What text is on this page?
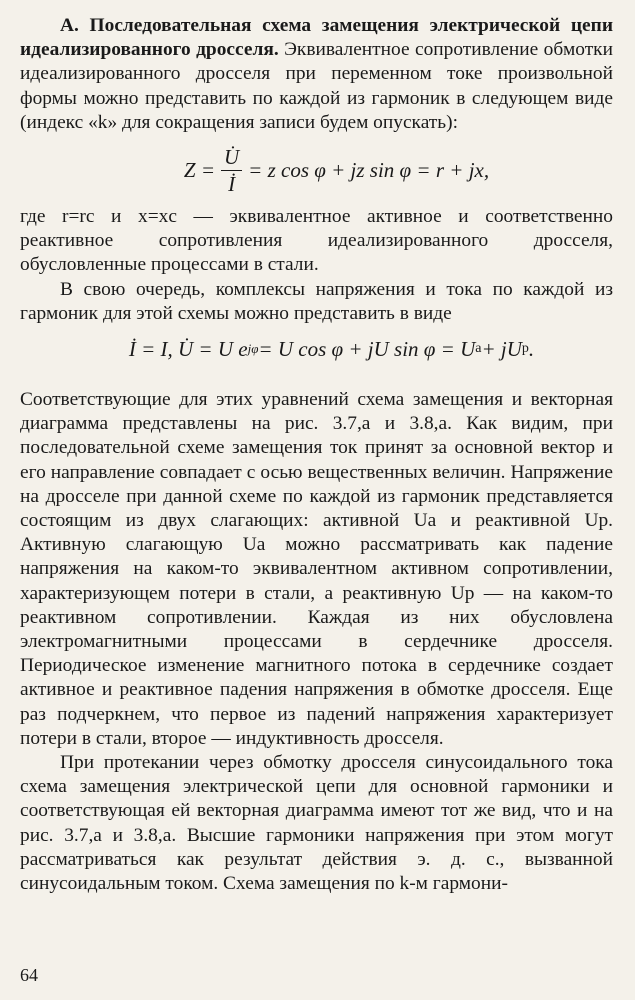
А. Последовательная схема замещения электрической цепи идеализированного дросселя. Эквивалентное сопротивление обмотки идеализированного дросселя при переменном токе произвольной формы можно представить по каждой из гармоник в следующем виде (индекс «k» для сокращения записи будем опускать):

$Z = \frac{U̇}{İ} = z$ cos φ + jz sin φ = r + jx,

где r=rс и x=xс — эквивалентное активное и соответственно реактивное сопротивления идеализированного дросселя, обусловленные процессами в стали.

В свою очередь, комплексы напряжения и тока по каждой из гармоник для этой схемы можно представить в виде

İ = I, U̇ = U e jφ = U cos φ + jU sin φ = U а + jU р .

Соответствующие для этих уравнений схема замещения и векторная диаграмма представлены на рис. 3.7,а и 3.8,а. Как видим, при последовательной схеме замещения ток принят за основной вектор и его направление совпадает с осью вещественных величин. Напряжение на дросселе при данной схеме по каждой из гармоник представляется состоящим из двух слагающих: активной Uа и реактивной Uр. Активную слагающую Uа можно рассматривать как падение напряжения на каком-то эквивалентном активном сопротивлении, характеризующем потери в стали, а реактивную Uр — на каком-то реактивном сопротивлении. Каждая из них обусловлена электромагнитными процессами в сердечнике дросселя. Периодическое изменение магнитного потока в сердечнике создает активное и реактивное падения напряжения в обмотке дросселя. Еще раз подчеркнем, что первое из падений напряжения характеризует потери в стали, второе — индуктивность дросселя.

При протекании через обмотку дросселя синусоидального тока схема замещения электрической цепи для основной гармоники и соответствующая ей векторная диаграмма имеют тот же вид, что и на рис. 3.7,а и 3.8,а. Высшие гармоники напряжения при этом могут рассматриваться как результат действия э. д. с., вызванной синусоидальным током. Схема замещения по k-м гармони-

64
